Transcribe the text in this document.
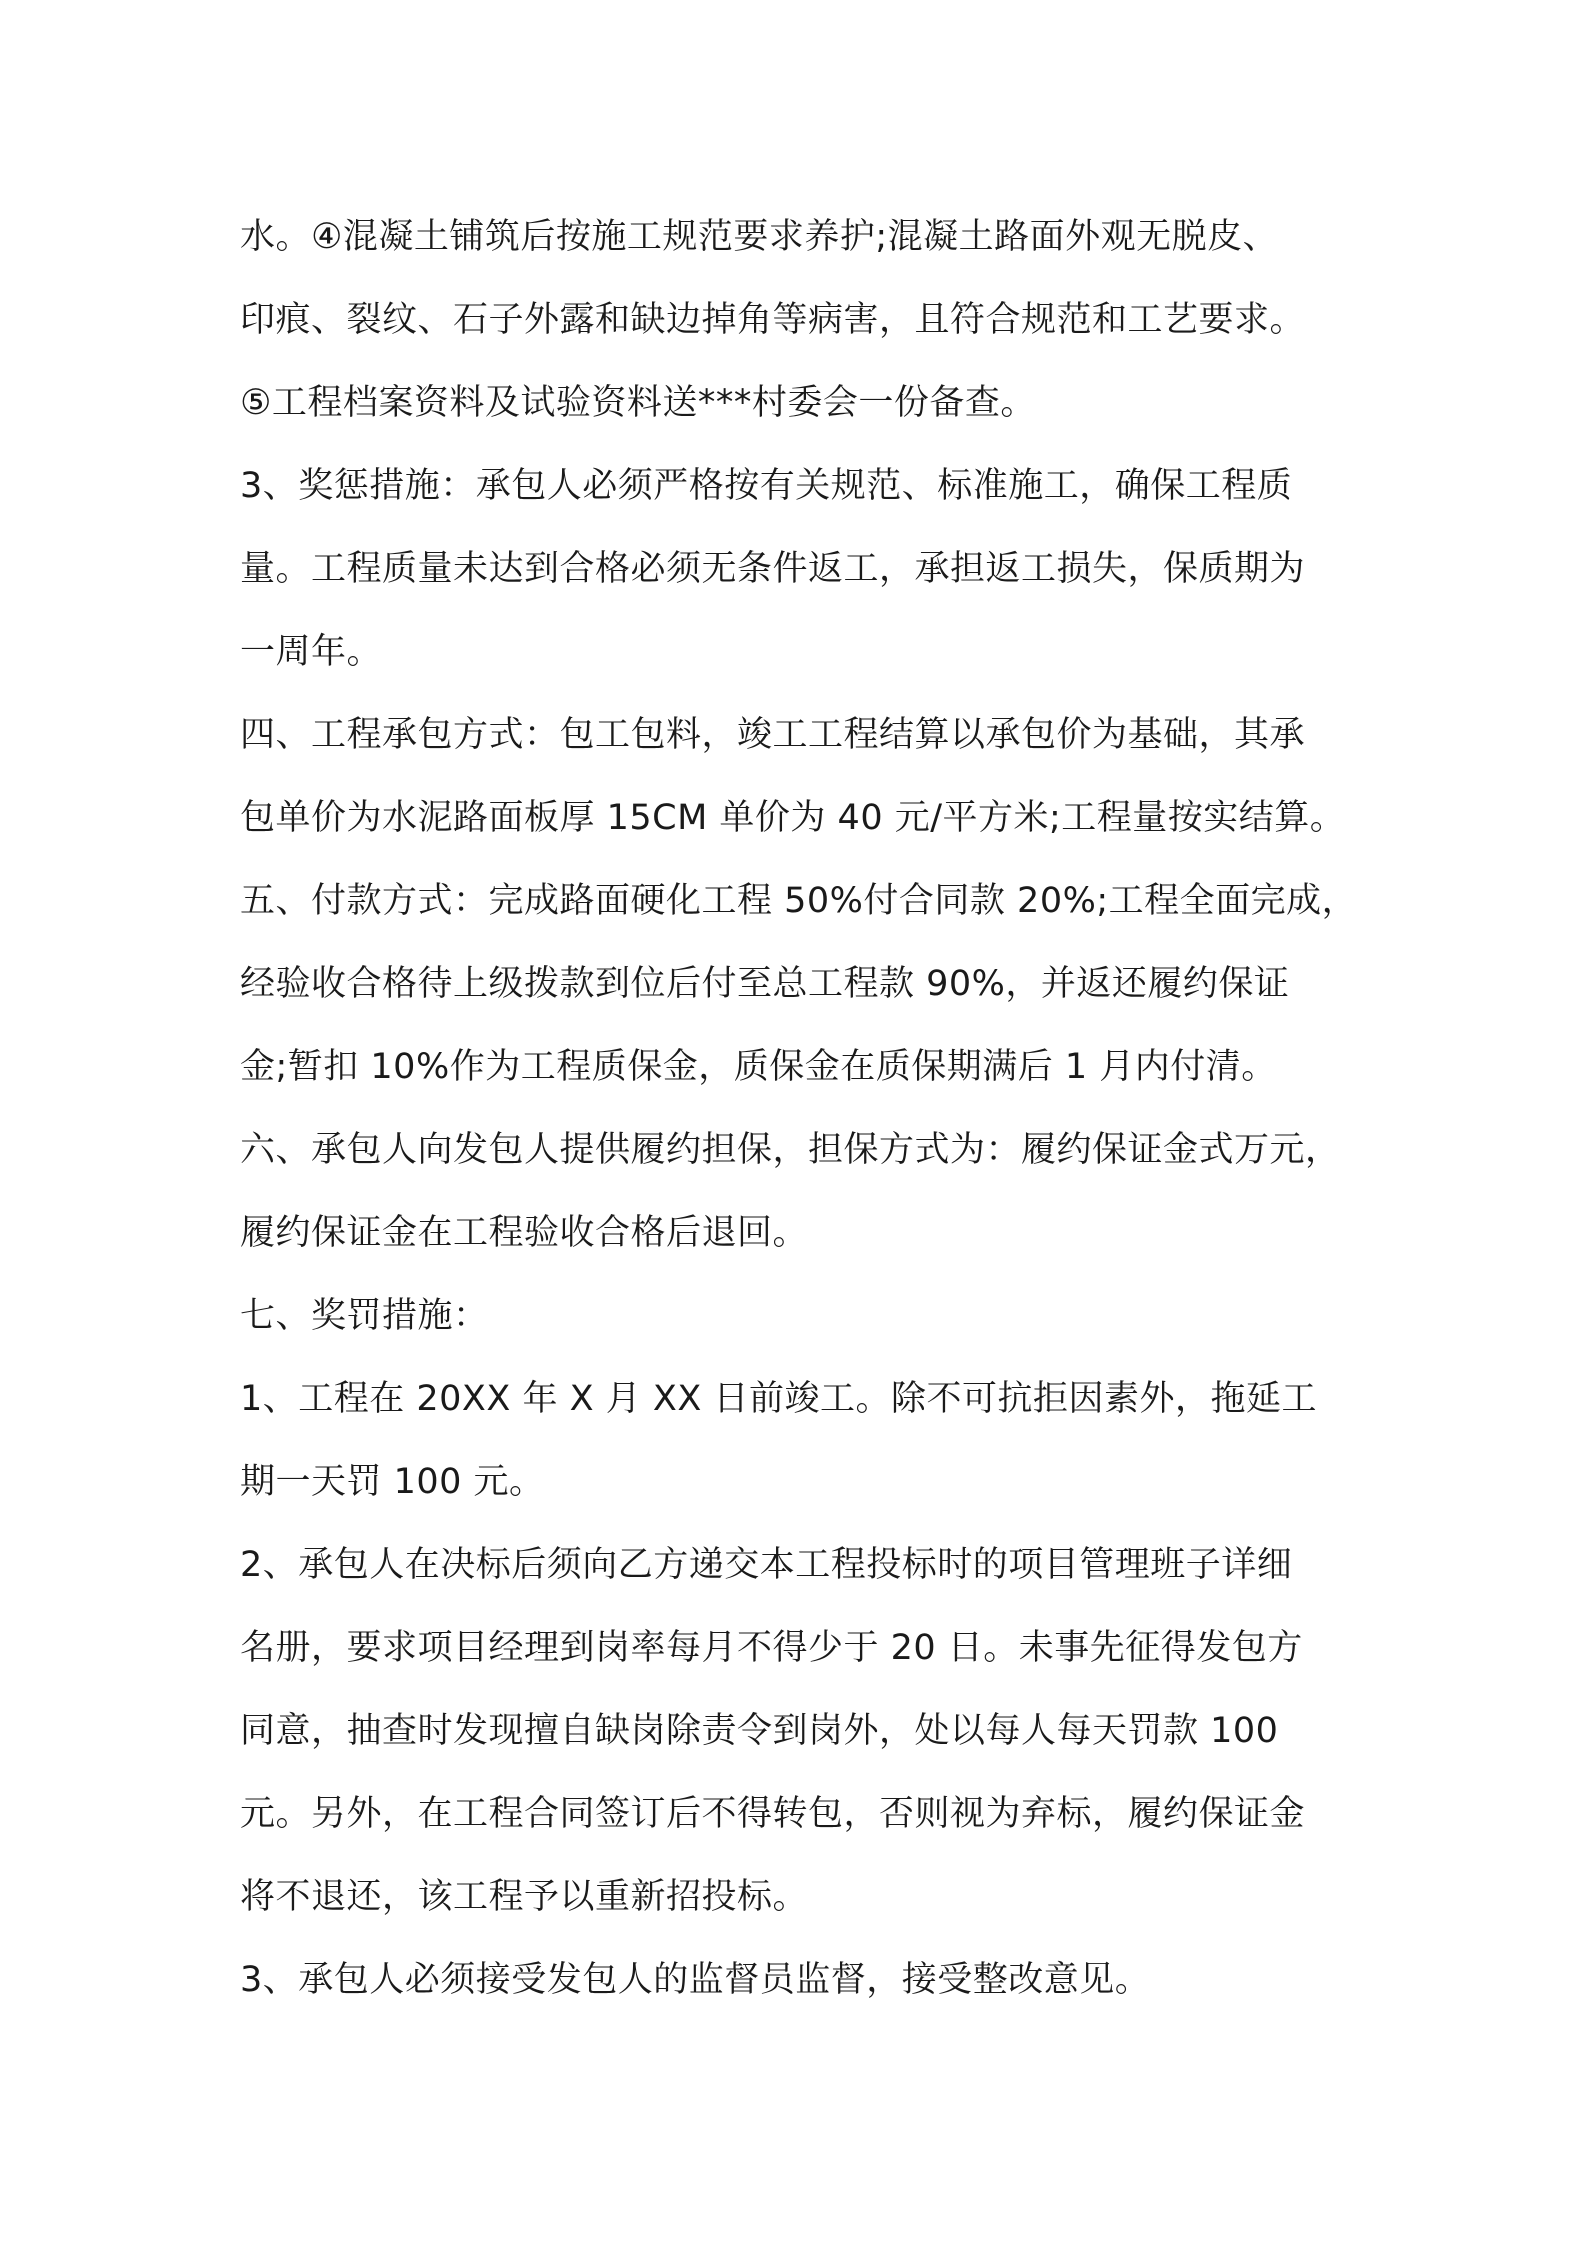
水。④混凝土铺筑后按施工规范要求养护;混凝土路面外观无脱皮、
印痕、裂纹、石子外露和缺边掉角等病害，且符合规范和工艺要求。
⑤工程档案资料及试验资料送***村委会一份备查。
3、奖惩措施：承包人必须严格按有关规范、标准施工，确保工程质
量。工程质量未达到合格必须无条件返工，承担返工损失，保质期为
一周年。
四、工程承包方式：包工包料，竣工工程结算以承包价为基础，其承
包单价为水泥路面板厚 15CM 单价为 40 元/平方米;工程量按实结算。
五、付款方式：完成路面硬化工程 50%付合同款 20%;工程全面完成，
经验收合格待上级拨款到位后付至总工程款 90%，并返还履约保证
金;暂扣 10%作为工程质保金，质保金在质保期满后 1 月内付清。
六、承包人向发包人提供履约担保，担保方式为：履约保证金式万元，
履约保证金在工程验收合格后退回。
七、奖罚措施：
1、工程在 20XX 年 X 月 XX 日前竣工。除不可抗拒因素外，拖延工
期一天罚 100 元。
2、承包人在决标后须向乙方递交本工程投标时的项目管理班子详细
名册，要求项目经理到岗率每月不得少于 20 日。未事先征得发包方
同意，抽查时发现擅自缺岗除责令到岗外，处以每人每天罚款 100
元。另外，在工程合同签订后不得转包，否则视为弃标，履约保证金
将不退还，该工程予以重新招投标。
3、承包人必须接受发包人的监督员监督，接受整改意见。
